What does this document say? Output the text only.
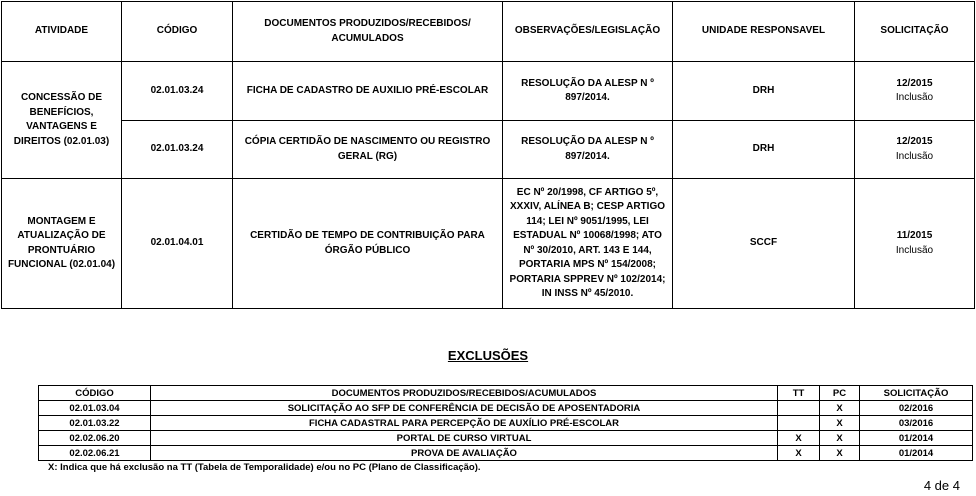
ATIVIDADE	CÓDIGO	DOCUMENTOS PRODUZIDOS/RECEBIDOS/ ACUMULADOS	OBSERVAÇÕES/LEGISLAÇÃO	UNIDADE RESPONSAVEL	SOLICITAÇÃO
CONCESSÃO DE BENEFÍCIOS, VANTAGENS E DIREITOS (02.01.03)	02.01.03.24	FICHA DE CADASTRO DE AUXILIO PRÉ-ESCOLAR	RESOLUÇÃO DA ALESP N º 897/2014.	DRH	12/2015
Inclusão

	02.01.03.24	CÓPIA CERTIDÃO DE NASCIMENTO OU REGISTRO GERAL (RG)	RESOLUÇÃO DA ALESP N º 897/2014.	DRH	12/2015
Inclusão

MONTAGEM E ATUALIZAÇÃO DE PRONTUÁRIO FUNCIONAL (02.01.04)	02.01.04.01	CERTIDÃO DE TEMPO DE CONTRIBUIÇÃO PARA ÓRGÃO PÚBLICO	EC Nº 20/1998, CF ARTIGO 5º, XXXIV, ALÍNEA B; CESP ARTIGO 114; LEI Nº 9051/1995, LEI ESTADUAL Nº 10068/1998; ATO Nº 30/2010, ART. 143 E 144, PORTARIA MPS Nº 154/2008; PORTARIA SPPREV Nº 102/2014; IN INSS Nº 45/2010.	SCCF	11/2015
Inclusão
EXCLUSÕES
CÓDIGO	DOCUMENTOS PRODUZIDOS/RECEBIDOS/ACUMULADOS	TT	PC	SOLICITAÇÃO
02.01.03.04	SOLICITAÇÃO AO SFP DE CONFERÊNCIA DE DECISÃO DE APOSENTADORIA		X	02/2016
02.01.03.22	FICHA CADASTRAL PARA PERCEPÇÃO DE AUXÍLIO PRÉ-ESCOLAR		X	03/2016
02.02.06.20	PORTAL DE CURSO VIRTUAL	X	X	01/2014
02.02.06.21	PROVA DE AVALIAÇÃO	X	X	01/2014
X: Indica que há exclusão na TT (Tabela de Temporalidade) e/ou no PC (Plano de Classificação).
4 de 4
